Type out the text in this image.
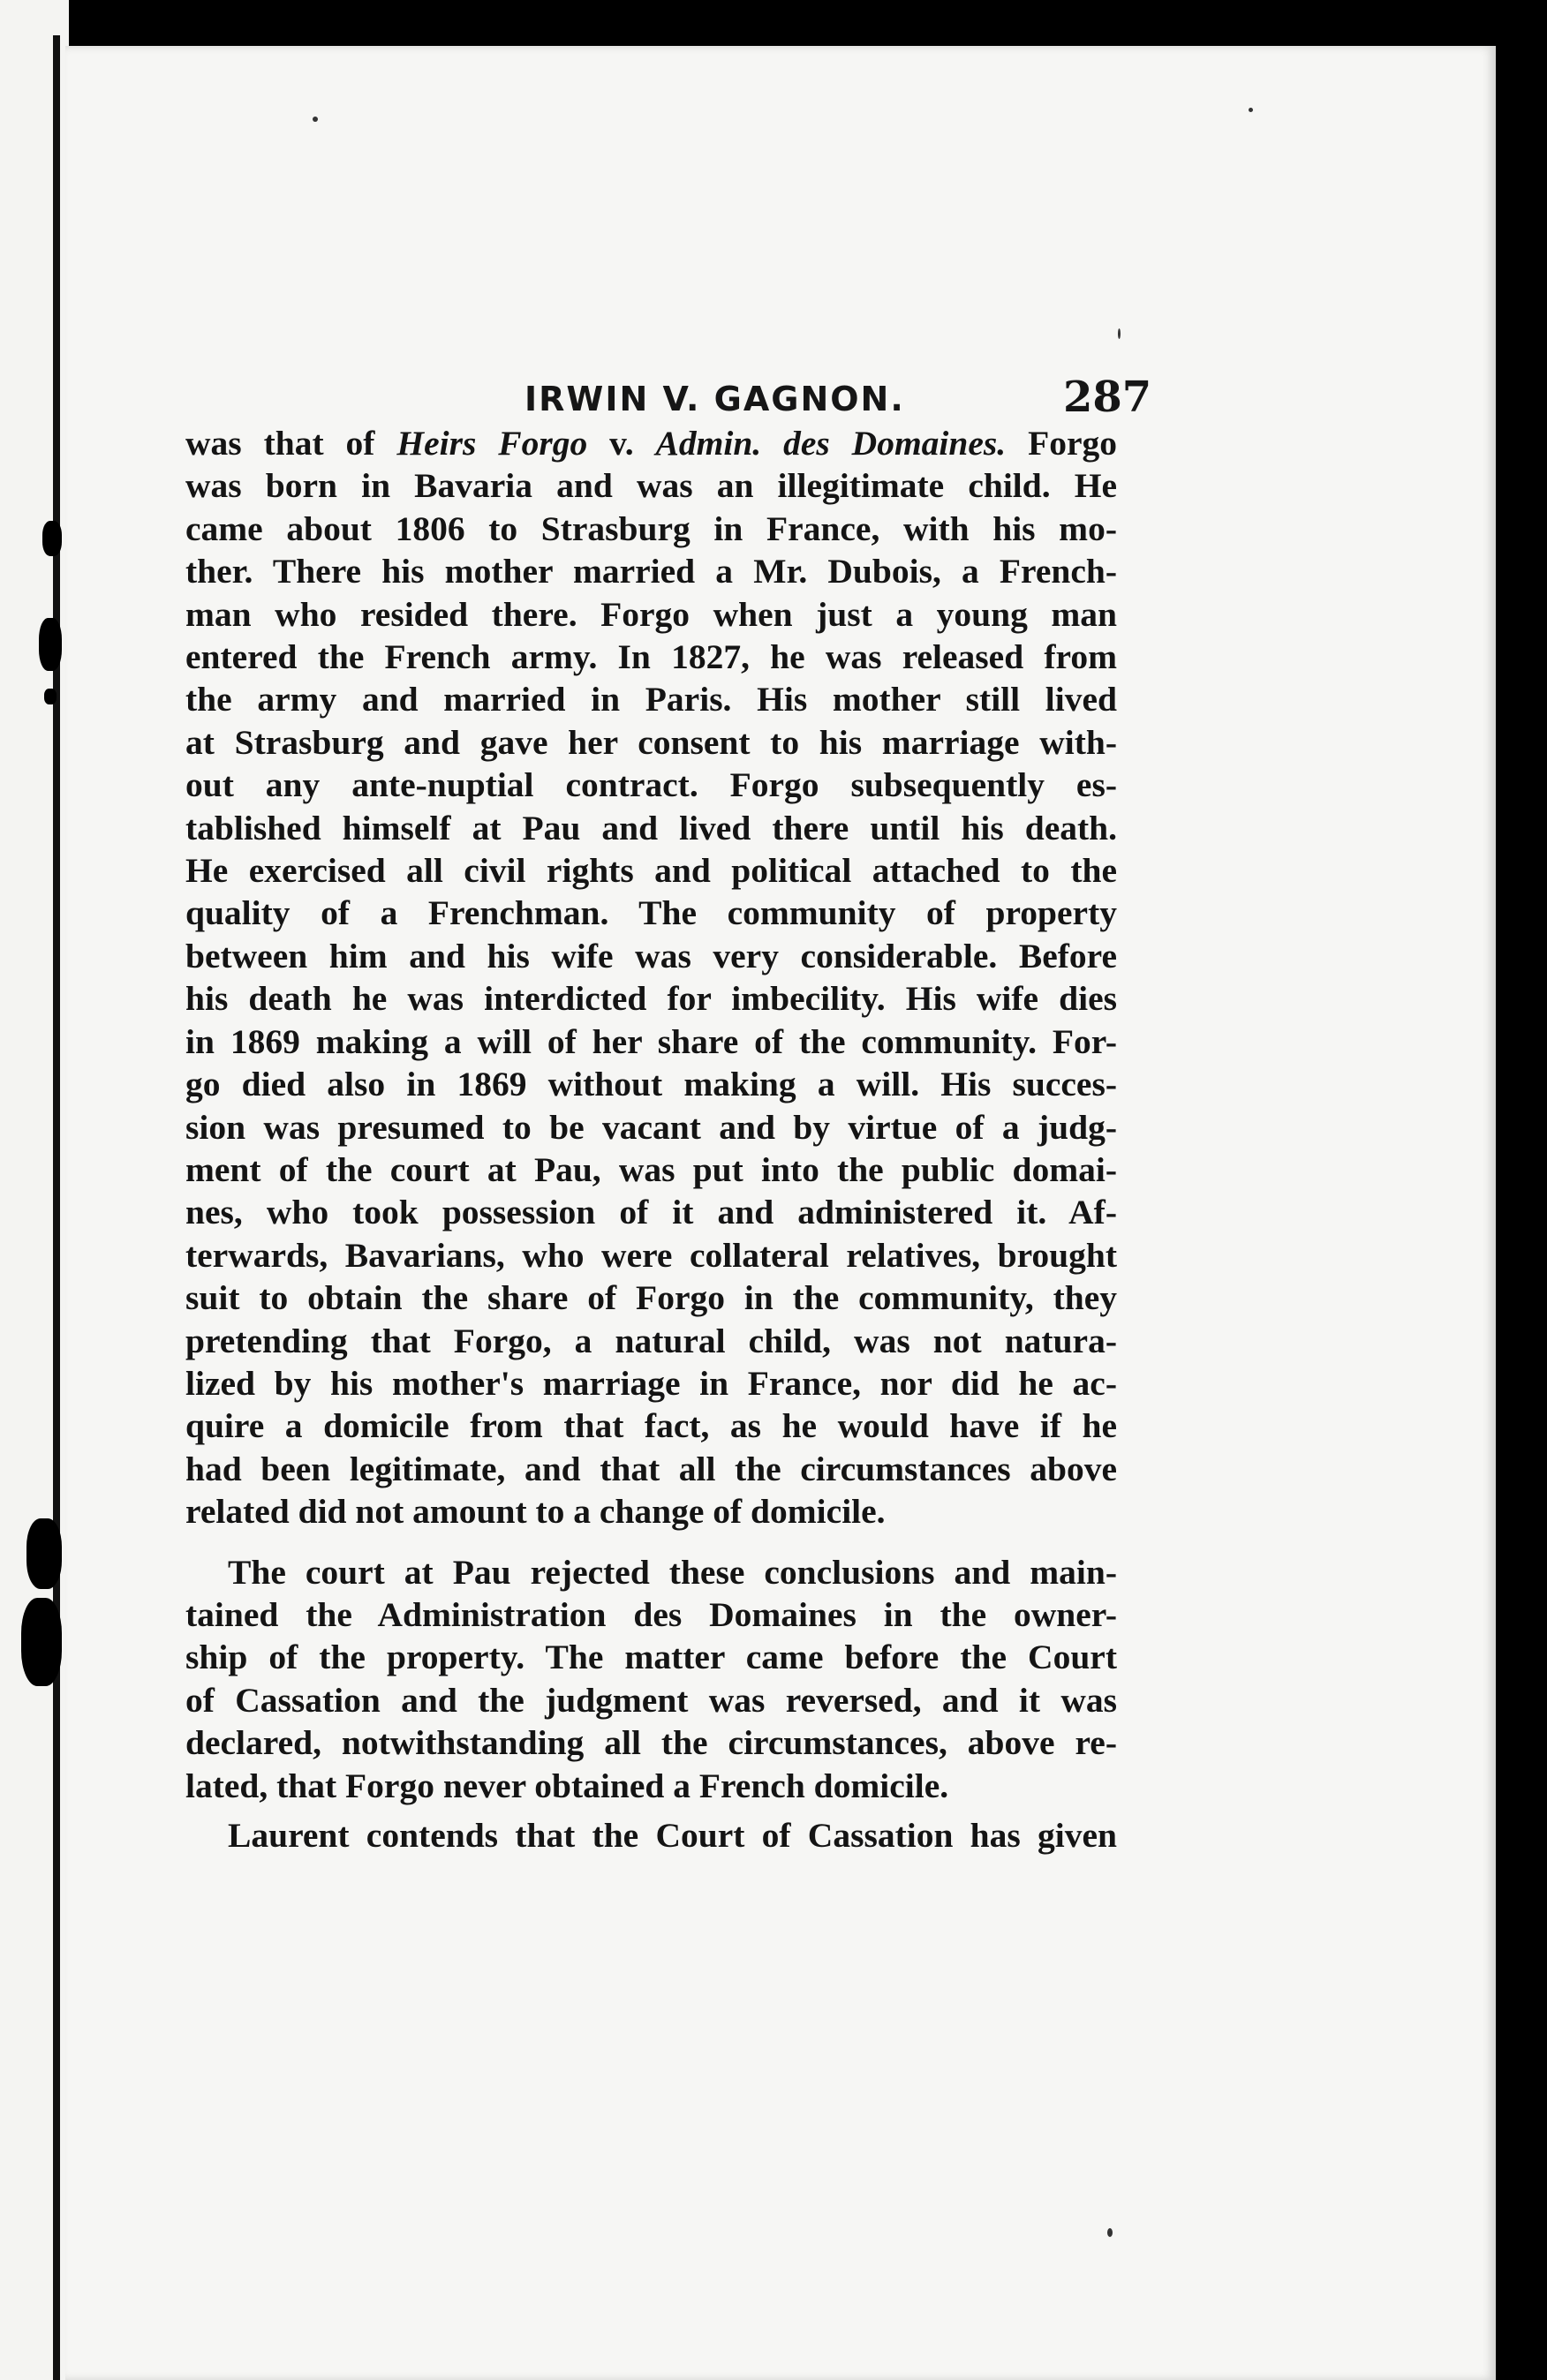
IRWIN V. GAGNON.	287
was that of Heirs Forgo v. Admin. des Domaines. Forgo
was born in Bavaria and was an illegitimate child. He
came about 1806 to Strasburg in France, with his mo-
ther. There his mother married a Mr. Dubois, a French-
man who resided there. Forgo when just a young man
entered the French army. In 1827, he was released from
the army and married in Paris. His mother still lived
at Strasburg and gave her consent to his marriage with-
out any ante-nuptial contract. Forgo subsequently es-
tablished himself at Pau and lived there until his death.
He exercised all civil rights and political attached to the
quality of a Frenchman. The community of property
between him and his wife was very considerable. Before
his death he was interdicted for imbecility. His wife dies
in 1869 making a will of her share of the community. For-
go died also in 1869 without making a will. His succes-
sion was presumed to be vacant and by virtue of a judg-
ment of the court at Pau, was put into the public domai-
nes, who took possession of it and administered it. Af-
terwards, Bavarians, who were collateral relatives, brought
suit to obtain the share of Forgo in the community, they
pretending that Forgo, a natural child, was not natura-
lized by his mother's marriage in France, nor did he ac-
quire a domicile from that fact, as he would have if he
had been legitimate, and that all the circumstances above
related did not amount to a change of domicile.
The court at Pau rejected these conclusions and main-
tained the Administration des Domaines in the owner-
ship of the property. The matter came before the Court
of Cassation and the judgment was reversed, and it was
declared, notwithstanding all the circumstances, above re-
lated, that Forgo never obtained a French domicile.
Laurent contends that the Court of Cassation has given
